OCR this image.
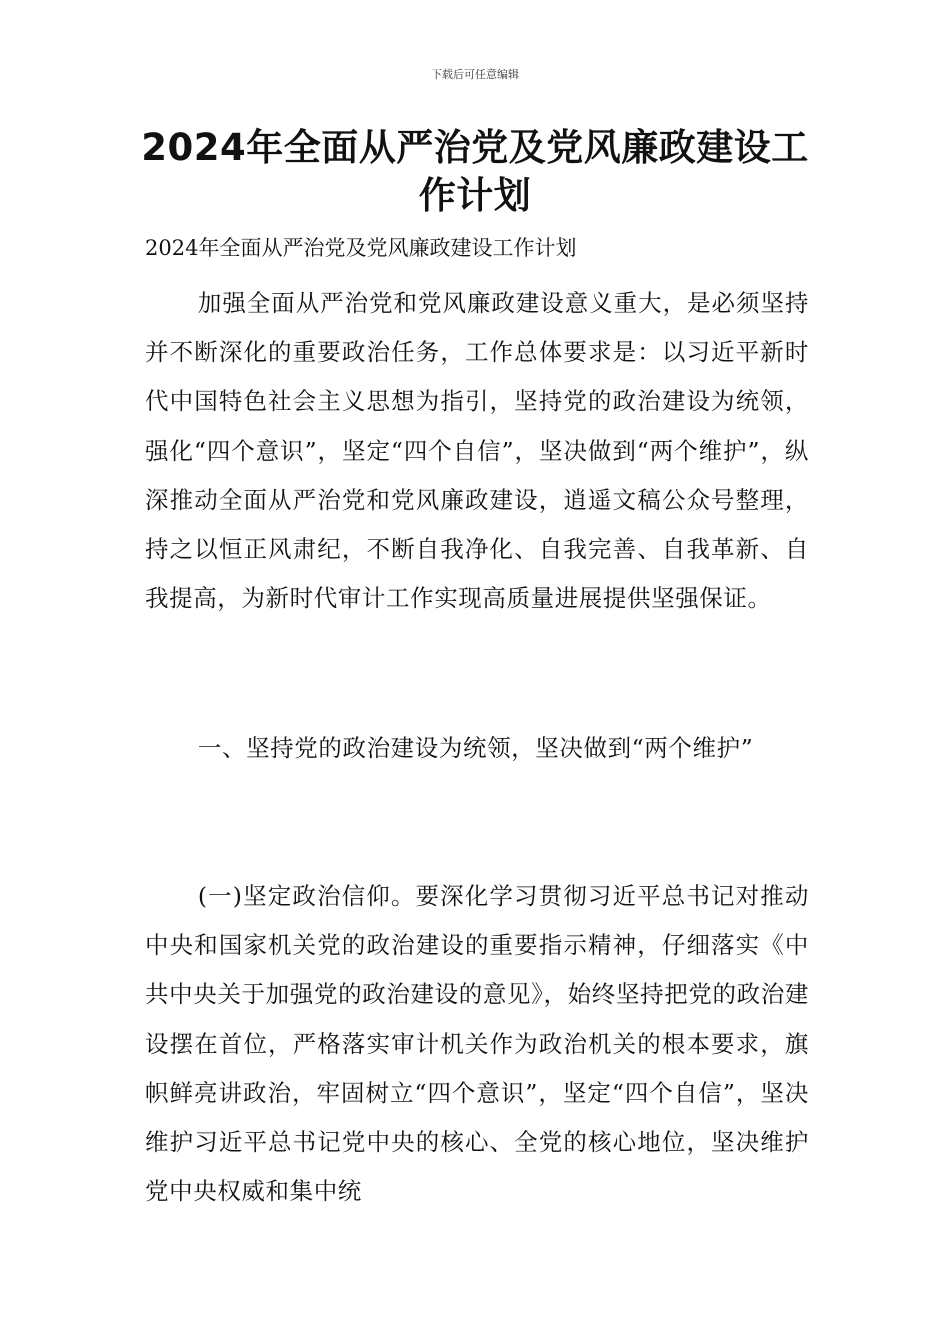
下载后可任意编辑

2024年全面从严治党及党风廉政建设工作计划

2024年全面从严治党及党风廉政建设工作计划

加强全面从严治党和党风廉政建设意义重大，是必须坚持并不断深化的重要政治任务，工作总体要求是：以习近平新时代中国特色社会主义思想为指引，坚持党的政治建设为统领，强化“四个意识”，坚定“四个自信”，坚决做到“两个维护”，纵深推动全面从严治党和党风廉政建设，逍遥文稿公众号整理，持之以恒正风肃纪，不断自我净化、自我完善、自我革新、自我提高，为新时代审计工作实现高质量进展提供坚强保证。

一、坚持党的政治建设为统领，坚决做到“两个维护”

(一)坚定政治信仰。要深化学习贯彻习近平总书记对推动中央和国家机关党的政治建设的重要指示精神，仔细落实《中共中央关于加强党的政治建设的意见》，始终坚持把党的政治建设摆在首位，严格落实审计机关作为政治机关的根本要求，旗帜鲜亮讲政治，牢固树立“四个意识”，坚定“四个自信”，坚决维护习近平总书记党中央的核心、全党的核心地位，坚决维护党中央权威和集中统
